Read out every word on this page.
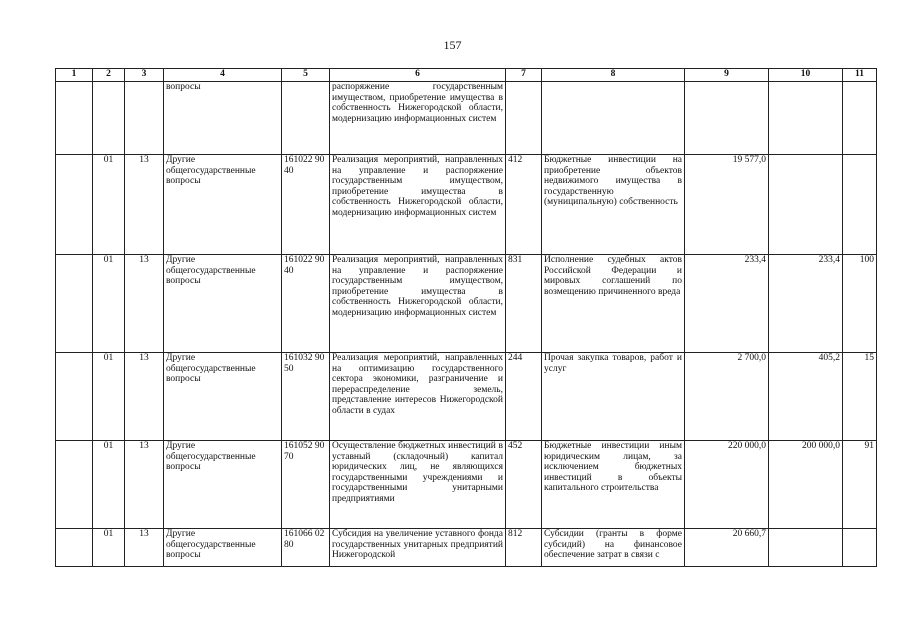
157
1	2	3	4	5	6	7	8	9	10	11
			вопросы		распоряжение государственным имуществом, приобретение имущества в собственность Нижегородской области, модернизацию информационных систем					
	01	13	Другие общегосударственные вопросы	161022 9040	Реализация мероприятий, направленных на управление и распоряжение государственным имуществом, приобретение имущества в собственность Нижегородской области, модернизацию информационных систем	412	Бюджетные инвестиции на приобретение объектов недвижимого имущества в государственную (муниципальную) собственность	19 577,0		
	01	13	Другие общегосударственные вопросы	161022 9040	Реализация мероприятий, направленных на управление и распоряжение государственным имуществом, приобретение имущества в собственность Нижегородской области, модернизацию информационных систем	831	Исполнение судебных актов Российской Федерации и мировых соглашений по возмещению причиненного вреда	233,4	233,4	100
	01	13	Другие общегосударственные вопросы	161032 9050	Реализация мероприятий, направленных на оптимизацию государственного сектора экономики, разграничение и перераспределение земель, представление интересов Нижегородской области в судах	244	Прочая закупка товаров, работ и услуг	2 700,0	405,2	15
	01	13	Другие общегосударственные вопросы	161052 9070	Осуществление бюджетных инвестиций в уставный (складочный) капитал юридических лиц, не являющихся государственными учреждениями и государственными унитарными предприятиями	452	Бюджетные инвестиции иным юридическим лицам, за исключением бюджетных инвестиций в объекты капитального строительства	220 000,0	200 000,0	91
	01	13	Другие общегосударственные вопросы	161066 0280	Субсидия на увеличение уставного фонда государственных унитарных предприятий Нижегородской	812	Субсидии (гранты в форме субсидий) на финансовое обеспечение затрат в связи с	20 660,7		
